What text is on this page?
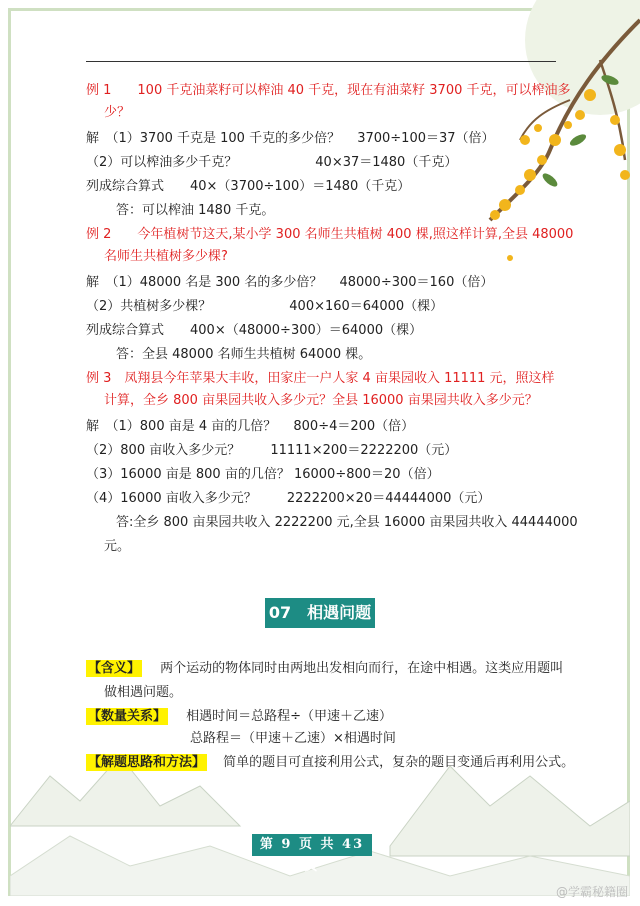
例 1　　100 千克油菜籽可以榨油 40 千克，现在有油菜籽 3700 千克，可以榨油多
少？
解　（1）3700 千克是 100 千克的多少倍？　 3700÷100＝37（倍）
（2）可以榨油多少千克？　　　　　　40×37＝1480（千克）
列成综合算式　　40×（3700÷100）＝1480（千克）
答：可以榨油 1480 千克。
例 2　　今年植树节这天,某小学 300 名师生共植树 400 棵,照这样计算,全县 48000
名师生共植树多少棵?
解　（1）48000 名是 300 名的多少倍？　 48000÷300＝160（倍）
（2）共植树多少棵？　　　　　　400×160＝64000（棵）
列成综合算式　　400×（48000÷300）＝64000（棵）
答：全县 48000 名师生共植树 64000 棵。
例 3　凤翔县今年苹果大丰收，田家庄一户人家 4 亩果园收入 11111 元，照这样
计算，全乡 800 亩果园共收入多少元？全县 16000 亩果园共收入多少元？
解　（1）800 亩是 4 亩的几倍？　 800÷4＝200（倍）
（2）800 亩收入多少元？　　 11111×200＝2222200（元）
（3）16000 亩是 800 亩的几倍？ 16000÷800＝20（倍）
（4）16000 亩收入多少元？　　 2222200×20＝44444000（元）
答:全乡 800 亩果园共收入 2222200 元,全县 16000 亩果园共收入 44444000
元。
07　相遇问题
【含义】 两个运动的物体同时由两地出发相向而行，在途中相遇。这类应用题叫
做相遇问题。
【数量关系】 相遇时间＝总路程÷（甲速＋乙速）
总路程＝（甲速＋乙速）×相遇时间
【解题思路和方法】 简单的题目可直接利用公式，复杂的题目变通后再利用公式。
第 9 页 共 43 页
@学霸秘籍圈
